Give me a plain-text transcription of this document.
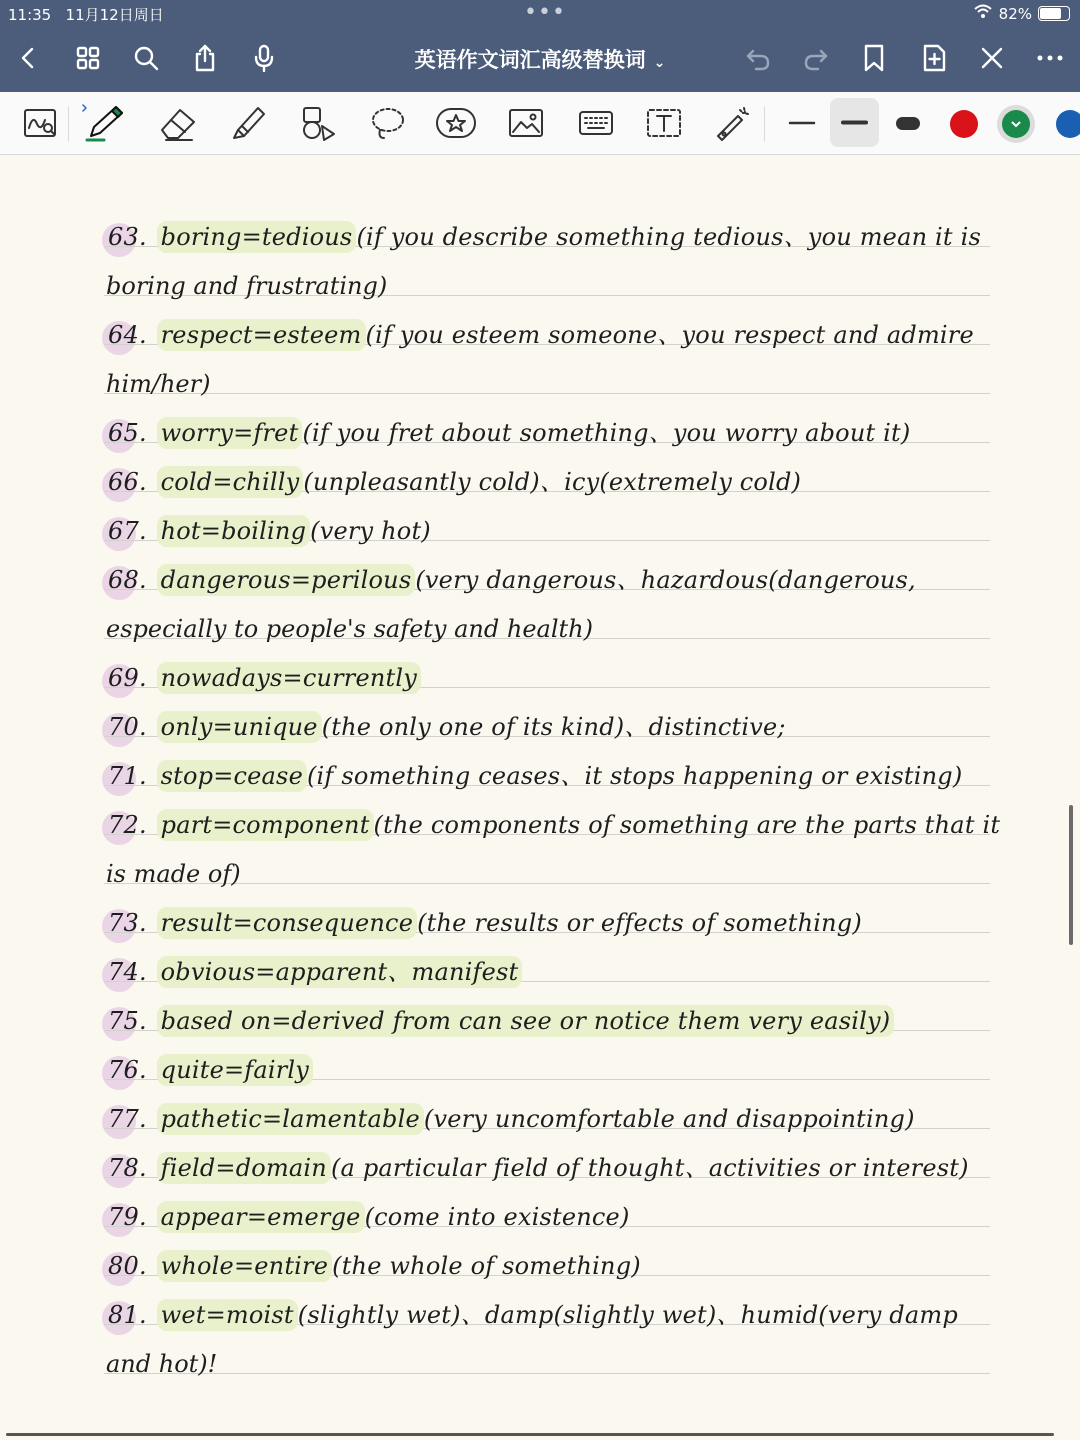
11:35 11月12日周日	•••	82%
英语作文词汇高级替换词 ⌄
63. boring=tedious (if you describe something tedious、you mean it is
boring and frustrating)
64. respect=esteem (if you esteem someone、you respect and admire
him/her)
65. worry=fret (if you fret about something、you worry about it)
66. cold=chilly (unpleasantly cold)、icy(extremely cold)
67. hot=boiling (very hot)
68. dangerous=perilous (very dangerous、hazardous(dangerous,
especially to people's safety and health)
69. nowadays=currently
70. only=unique (the only one of its kind)、distinctive;
71. stop=cease (if something ceases、it stops happening or existing)
72. part=component (the components of something are the parts that it
is made of)
73. result=consequence (the results or effects of something)
74. obvious=apparent、manifest
75. based on=derived from can see or notice them very easily)
76. quite=fairly
77. pathetic=lamentable (very uncomfortable and disappointing)
78. field=domain (a particular field of thought、activities or interest)
79. appear=emerge (come into existence)
80. whole=entire (the whole of something)
81. wet=moist (slightly wet)、damp(slightly wet)、humid(very damp
and hot)!
